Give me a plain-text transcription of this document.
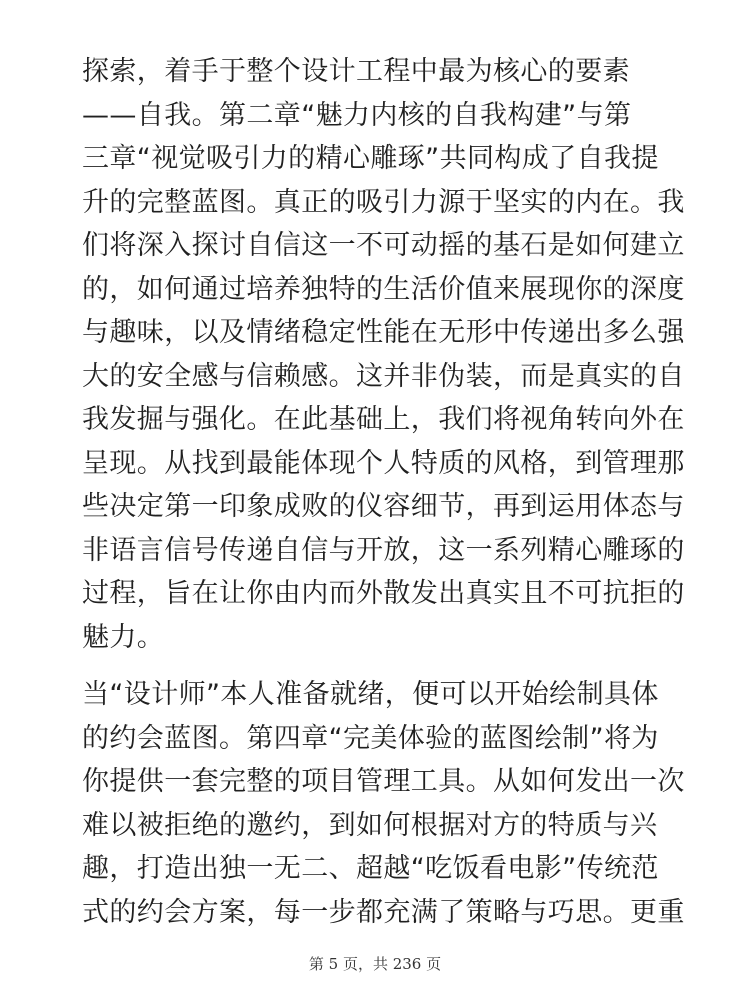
探索，着手于整个设计工程中最为核心的要素
——自我。第二章“魅力内核的自我构建”与第
三章“视觉吸引力的精心雕琢”共同构成了自我提
升的完整蓝图。真正的吸引力源于坚实的内在。我
们将深入探讨自信这一不可动摇的基石是如何建立
的，如何通过培养独特的生活价值来展现你的深度
与趣味，以及情绪稳定性能在无形中传递出多么强
大的安全感与信赖感。这并非伪装，而是真实的自
我发掘与强化。在此基础上，我们将视角转向外在
呈现。从找到最能体现个人特质的风格，到管理那
些决定第一印象成败的仪容细节，再到运用体态与
非语言信号传递自信与开放，这一系列精心雕琢的
过程，旨在让你由内而外散发出真实且不可抗拒的
魅力。
当“设计师”本人准备就绪，便可以开始绘制具体
的约会蓝图。第四章“完美体验的蓝图绘制”将为
你提供一套完整的项目管理工具。从如何发出一次
难以被拒绝的邀约，到如何根据对方的特质与兴
趣，打造出独一无二、超越“吃饭看电影”传统范
式的约会方案，每一步都充满了策略与巧思。更重
第 5 页，共 236 页
